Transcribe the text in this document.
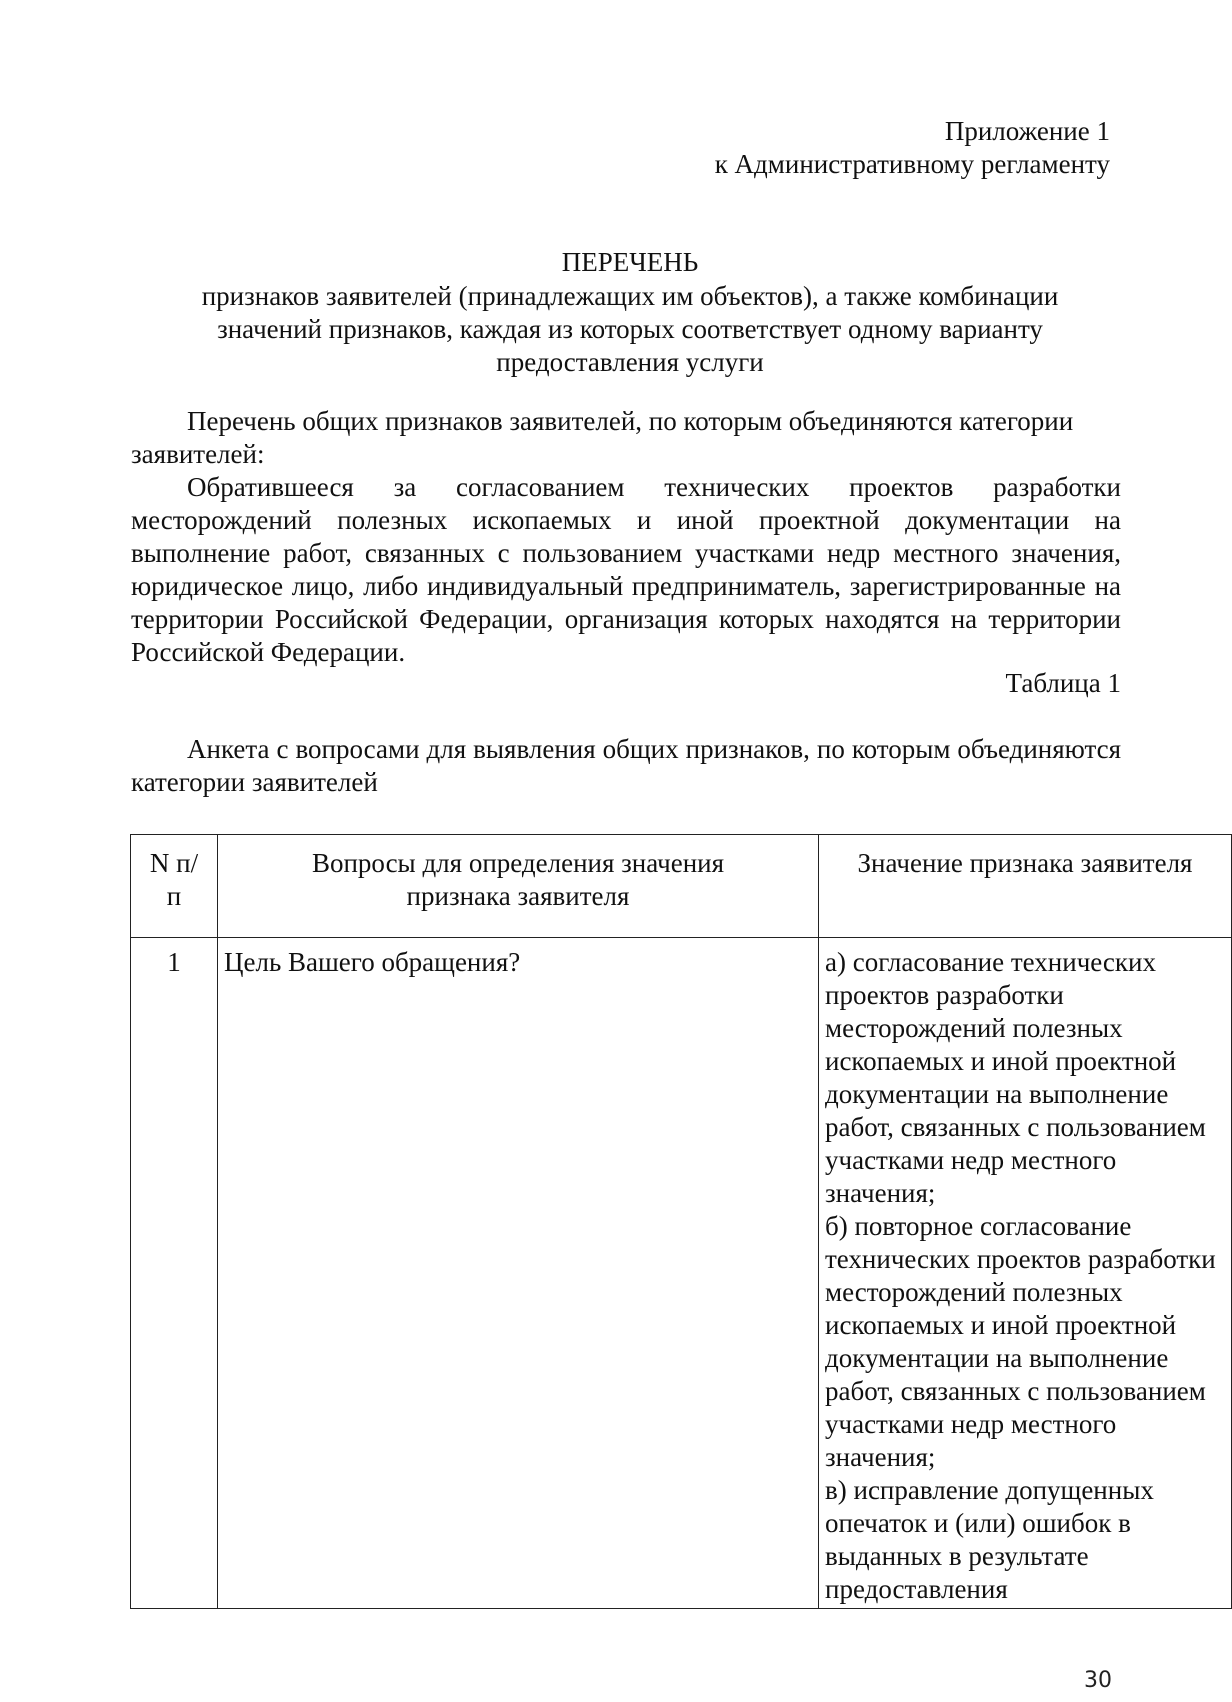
Приложение 1
к Административному регламенту
ПЕРЕЧЕНЬ
признаков заявителей (принадлежащих им объектов), а также комбинации значений признаков, каждая из которых соответствует одному варианту предоставления услуги
Перечень общих признаков заявителей, по которым объединяются категории заявителей:
Обратившееся за согласованием технических проектов разработки месторождений полезных ископаемых и иной проектной документации на выполнение работ, связанных с пользованием участками недр местного значения, юридическое лицо, либо индивидуальный предприниматель, зарегистрированные на территории Российской Федерации, организация которых находятся на территории Российской Федерации.
Таблица 1
Анкета с вопросами для выявления общих признаков, по которым объединяются категории заявителей
N п/п	Вопросы для определения значения признака заявителя	Значение признака заявителя
1	Цель Вашего обращения?	а) согласование технических проектов разработки месторождений полезных ископаемых и иной проектной документации на выполнение работ, связанных с пользованием участками недр местного значения;
б) повторное согласование технических проектов разработки месторождений полезных ископаемых и иной проектной документации на выполнение работ, связанных с пользованием участками недр местного значения;
в) исправление допущенных опечаток и (или) ошибок в выданных в результате предоставления
30
